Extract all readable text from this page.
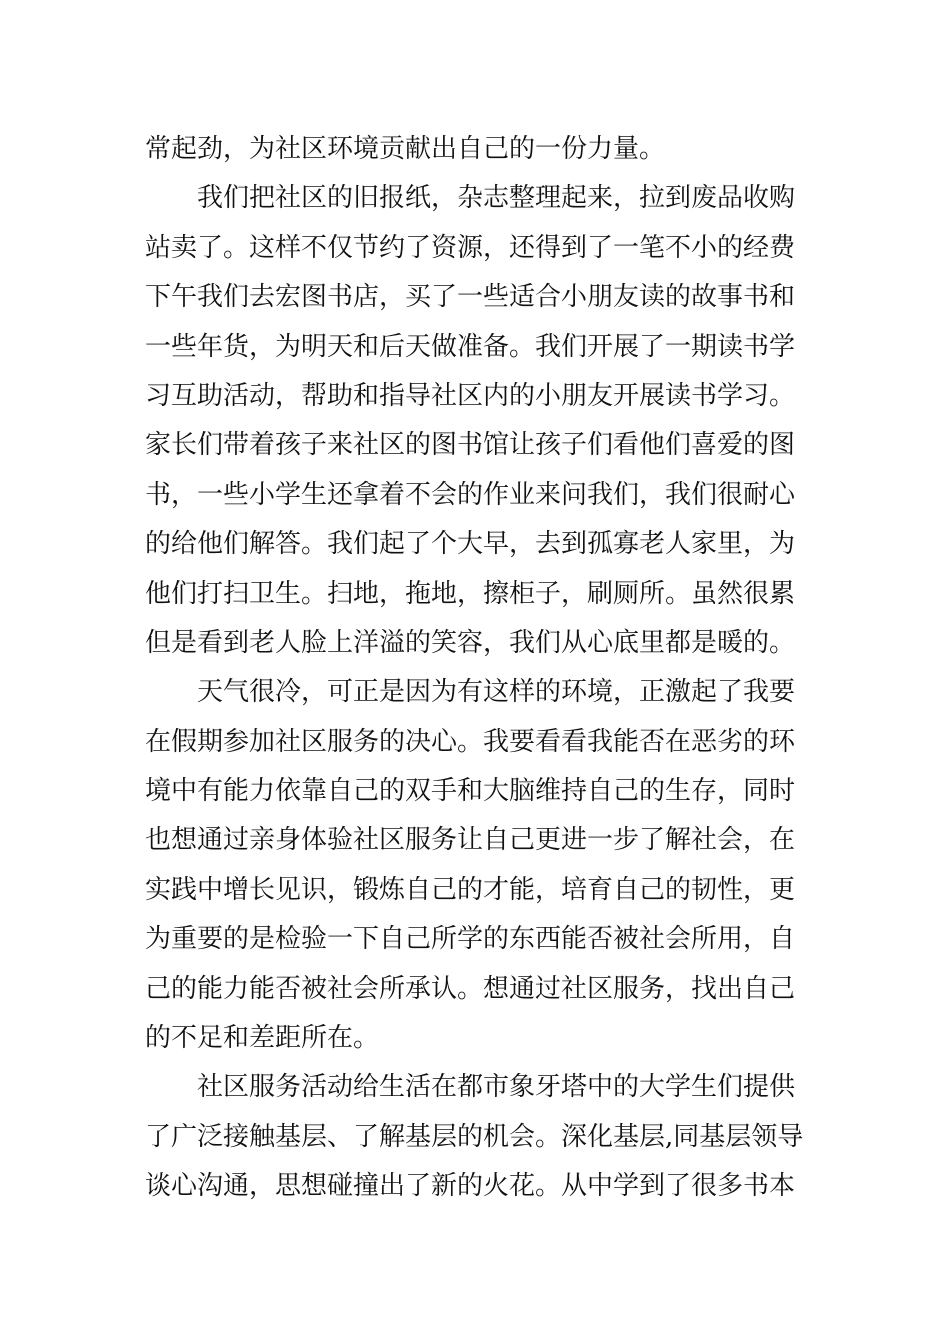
常起劲，为社区环境贡献出自己的一份力量。
我们把社区的旧报纸，杂志整理起来，拉到废品收购
站卖了。这样不仅节约了资源，还得到了一笔不小的经费
下午我们去宏图书店，买了一些适合小朋友读的故事书和
一些年货，为明天和后天做准备。我们开展了一期读书学
习互助活动，帮助和指导社区内的小朋友开展读书学习。
家长们带着孩子来社区的图书馆让孩子们看他们喜爱的图
书，一些小学生还拿着不会的作业来问我们，我们很耐心
的给他们解答。我们起了个大早，去到孤寡老人家里，为
他们打扫卫生。扫地，拖地，擦柜子，刷厕所。虽然很累
但是看到老人脸上洋溢的笑容，我们从心底里都是暖的。
天气很冷，可正是因为有这样的环境，正激起了我要
在假期参加社区服务的决心。我要看看我能否在恶劣的环
境中有能力依靠自己的双手和大脑维持自己的生存，同时
也想通过亲身体验社区服务让自己更进一步了解社会，在
实践中增长见识，锻炼自己的才能，培育自己的韧性，更
为重要的是检验一下自己所学的东西能否被社会所用，自
己的能力能否被社会所承认。想通过社区服务，找出自己
的不足和差距所在。
社区服务活动给生活在都市象牙塔中的大学生们提供
了广泛接触基层、了解基层的机会。深化基层,同基层领导
谈心沟通，思想碰撞出了新的火花。从中学到了很多书本
